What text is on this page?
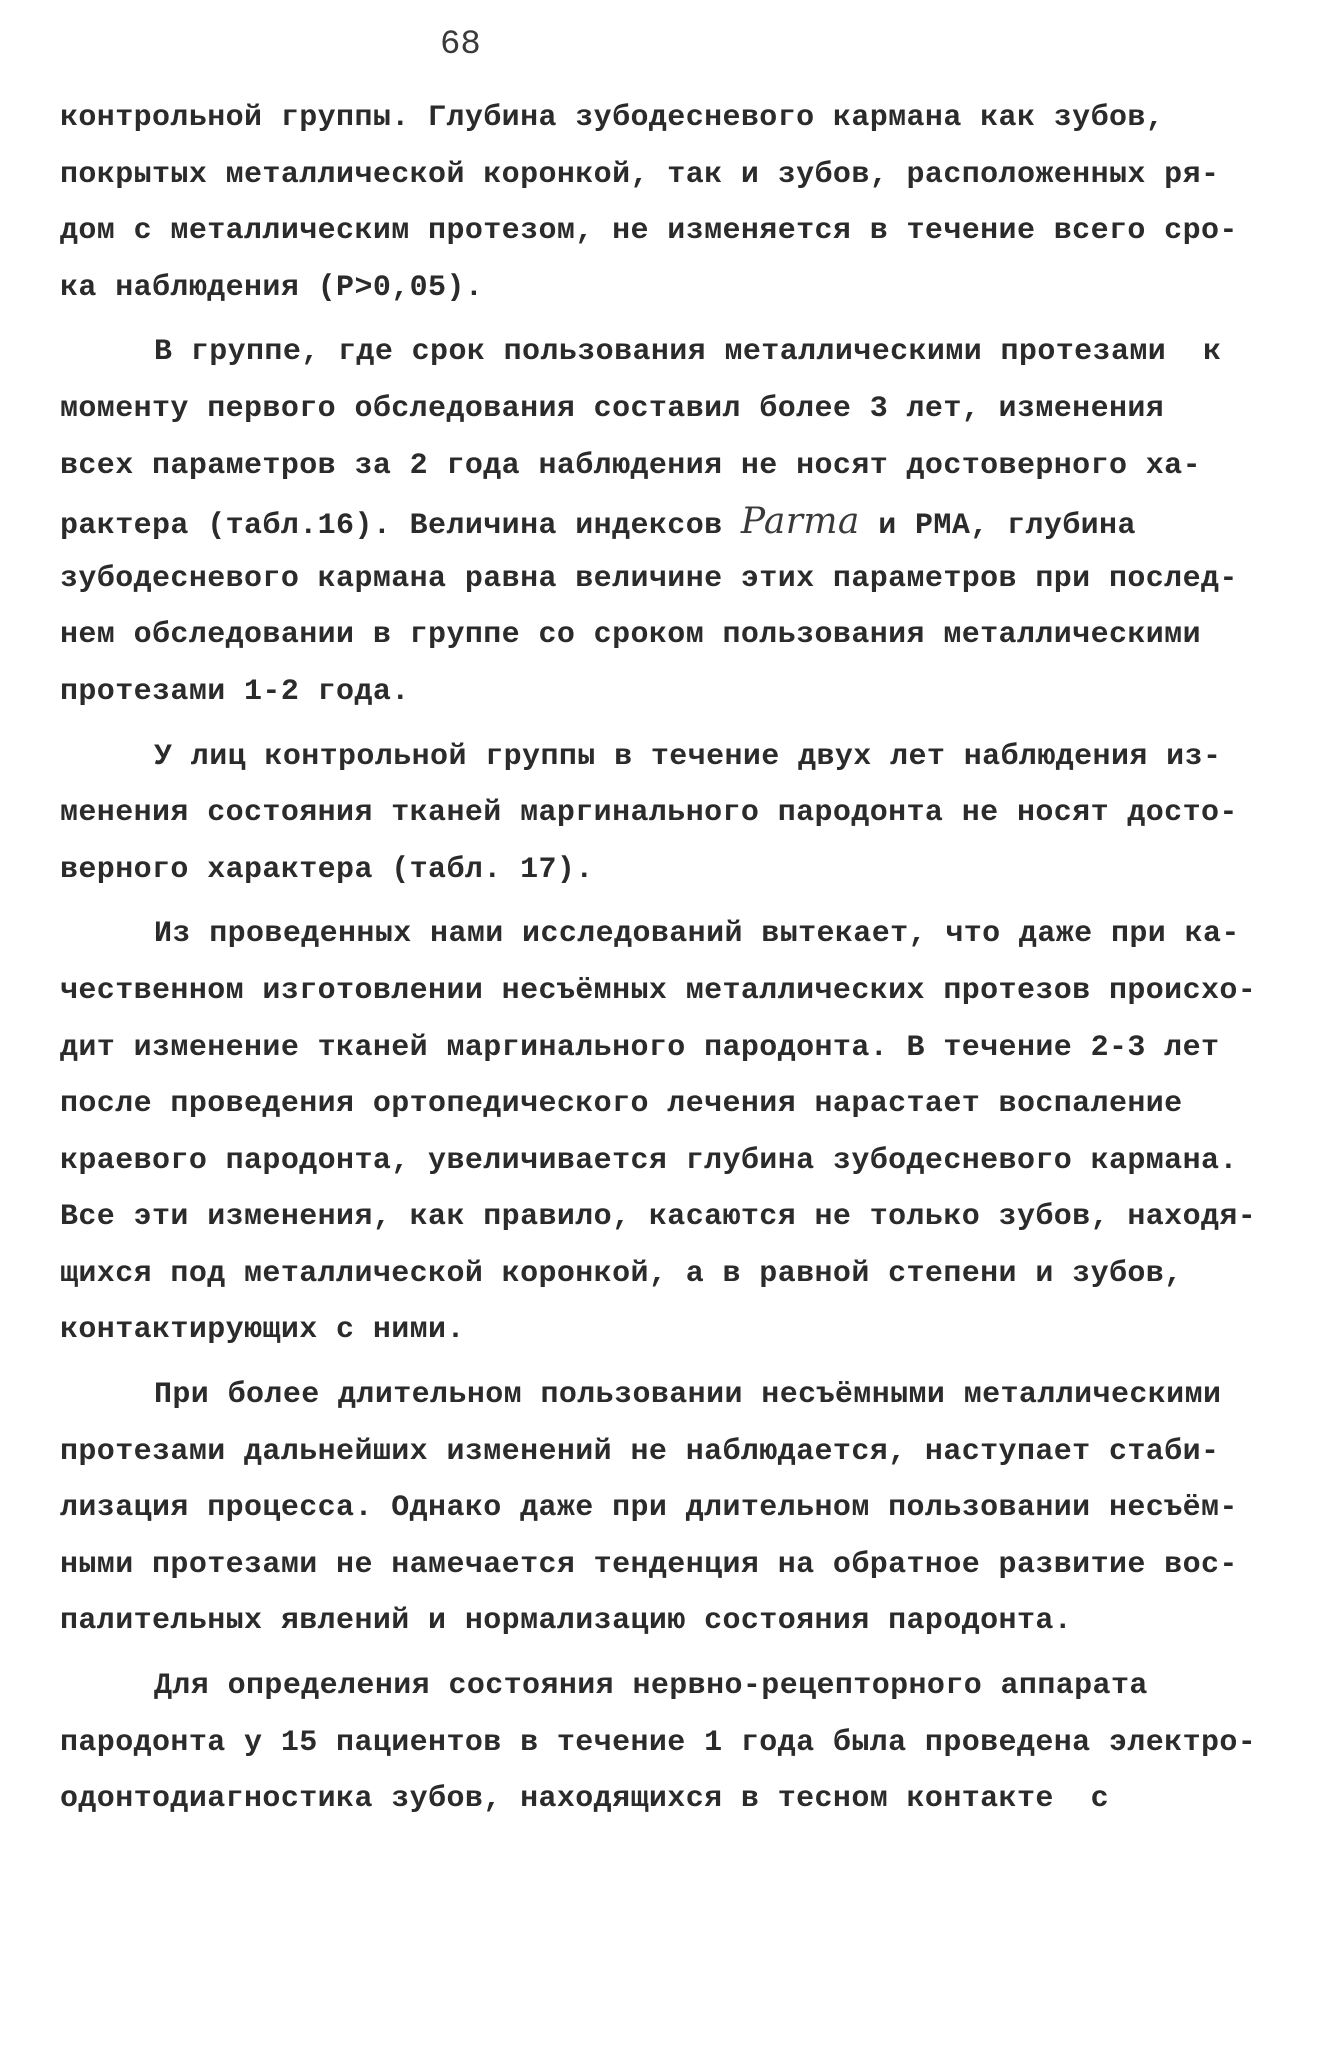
68
контрольной группы. Глубина зубодесневого кармана как зубов,
покрытых металлической коронкой, так и зубов, расположенных ря-
дом с металлическим протезом, не изменяется в течение всего сро-
ка наблюдения (Р>0,05).
В группе, где срок пользования металлическими протезами  к
моменту первого обследования составил более 3 лет, изменения
всех параметров за 2 года наблюдения не носят достоверного ха-
рактера (табл.16). Величина индексов Parma и РМА, глубина
зубодесневого кармана равна величине этих параметров при послед-
нем обследовании в группе со сроком пользования металлическими
протезами 1-2 года.
У лиц контрольной группы в течение двух лет наблюдения из-
менения состояния тканей маргинального пародонта не носят досто-
верного характера (табл. 17).
Из проведенных нами исследований вытекает, что даже при ка-
чественном изготовлении несъёмных металлических протезов происхо-
дит изменение тканей маргинального пародонта. В течение 2-3 лет
после проведения ортопедического лечения нарастает воспаление
краевого пародонта, увеличивается глубина зубодесневого кармана.
Все эти изменения, как правило, касаются не только зубов, находя-
щихся под металлической коронкой, а в равной степени и зубов,
контактирующих с ними.
При более длительном пользовании несъёмными металлическими
протезами дальнейших изменений не наблюдается, наступает стаби-
лизация процесса. Однако даже при длительном пользовании несъём-
ными протезами не намечается тенденция на обратное развитие вос-
палительных явлений и нормализацию состояния пародонта.
Для определения состояния нервно-рецепторного аппарата
пародонта у 15 пациентов в течение 1 года была проведена электро-
одонтодиагностика зубов, находящихся в тесном контакте  с
